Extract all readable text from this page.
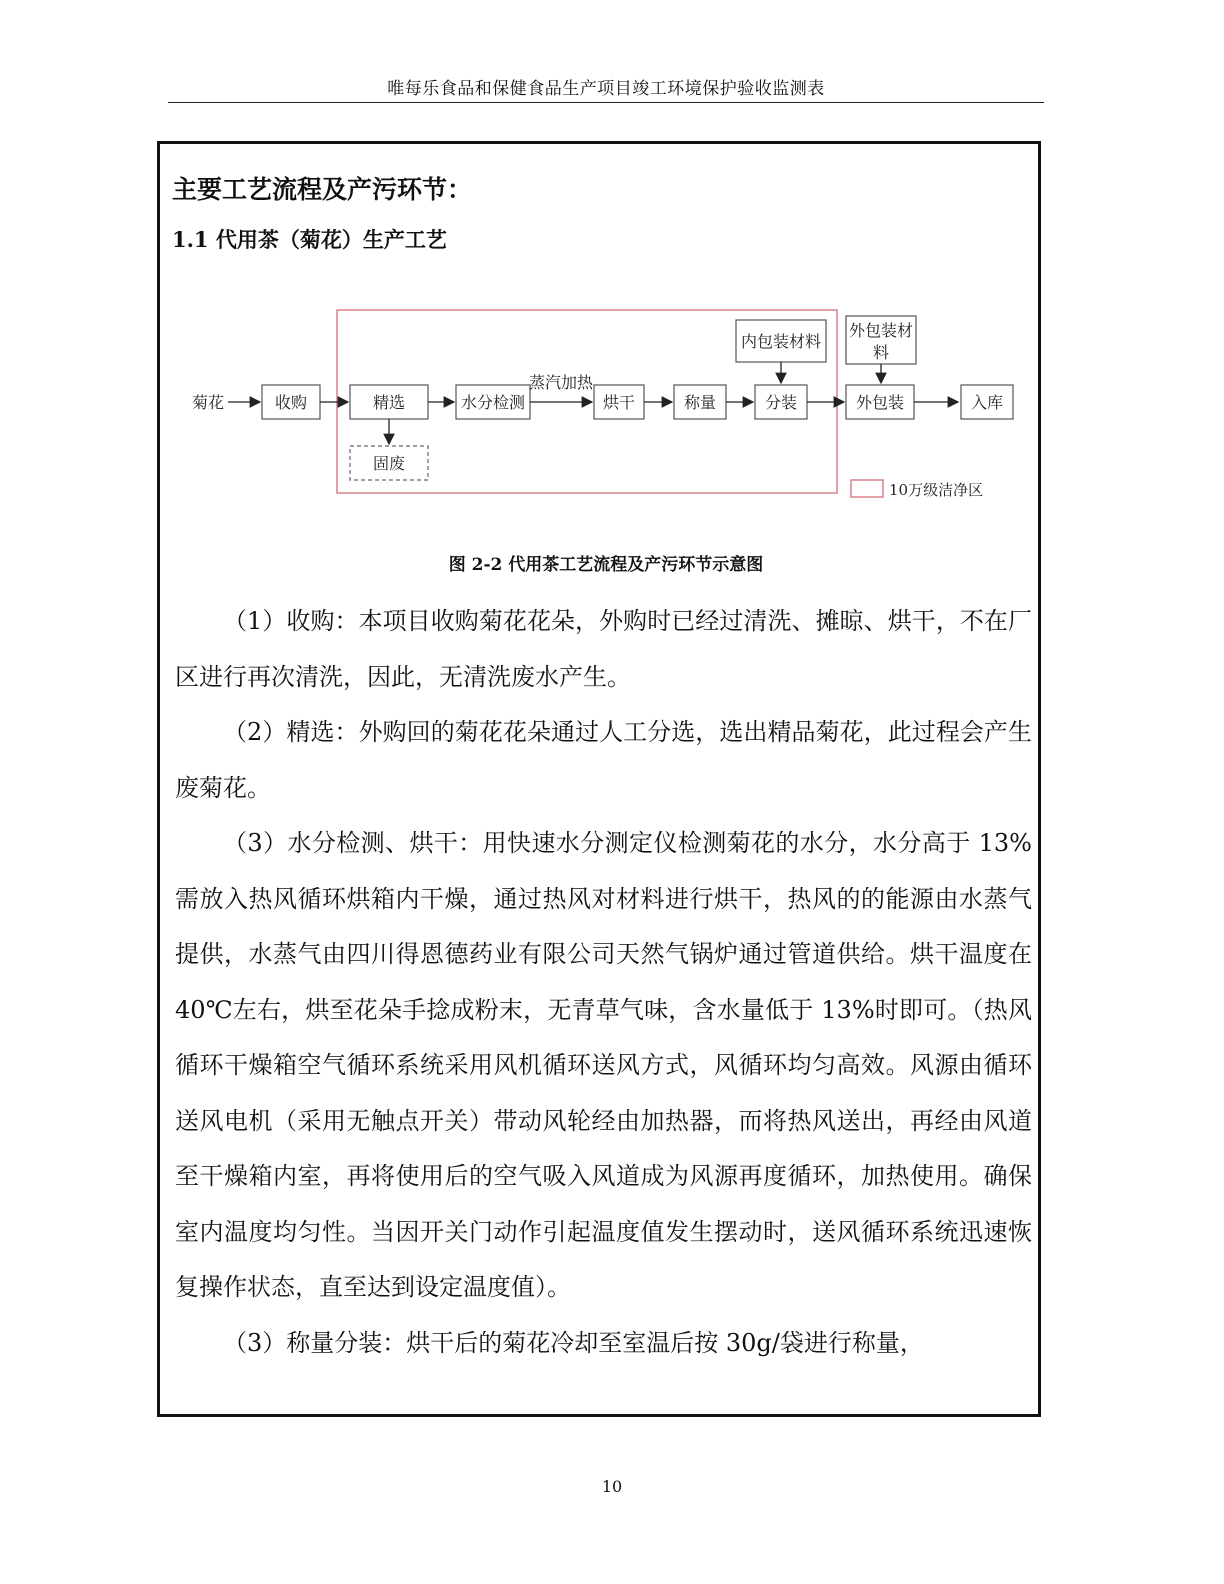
唯每乐食品和保健食品生产项目竣工环境保护验收监测表
主要工艺流程及产污环节：
1.1 代用茶（菊花）生产工艺
菊花	收购	精选
固废
水分检测
蒸汽加热
烘干	称量
内包装材料
分装
外包装材
料
外包装	入库
10万级洁净区
图 2-2 代用茶工艺流程及产污环节示意图

（1）收购：本项目收购菊花花朵，外购时已经过清洗、摊晾、烘干，不在厂区进行再次清洗，因此，无清洗废水产生。

（2）精选：外购回的菊花花朵通过人工分选，选出精品菊花，此过程会产生废菊花。

（3）水分检测、烘干：用快速水分测定仪检测菊花的水分，水分高于 13%需放入热风循环烘箱内干燥，通过热风对材料进行烘干，热风的的能源由水蒸气提供，水蒸气由四川得恩德药业有限公司天然气锅炉通过管道供给。烘干温度在 40℃左右，烘至花朵手捻成粉末，无青草气味，含水量低于 13%时即可。（热风循环干燥箱空气循环系统采用风机循环送风方式，风循环均匀高效。风源由循环送风电机（采用无触点开关）带动风轮经由加热器，而将热风送出，再经由风道至干燥箱内室，再将使用后的空气吸入风道成为风源再度循环，加热使用。确保室内温度均匀性。当因开关门动作引起温度值发生摆动时，送风循环系统迅速恢复操作状态，直至达到设定温度值）。

（3）称量分装：烘干后的菊花冷却至室温后按 30g/袋进行称量，

10
